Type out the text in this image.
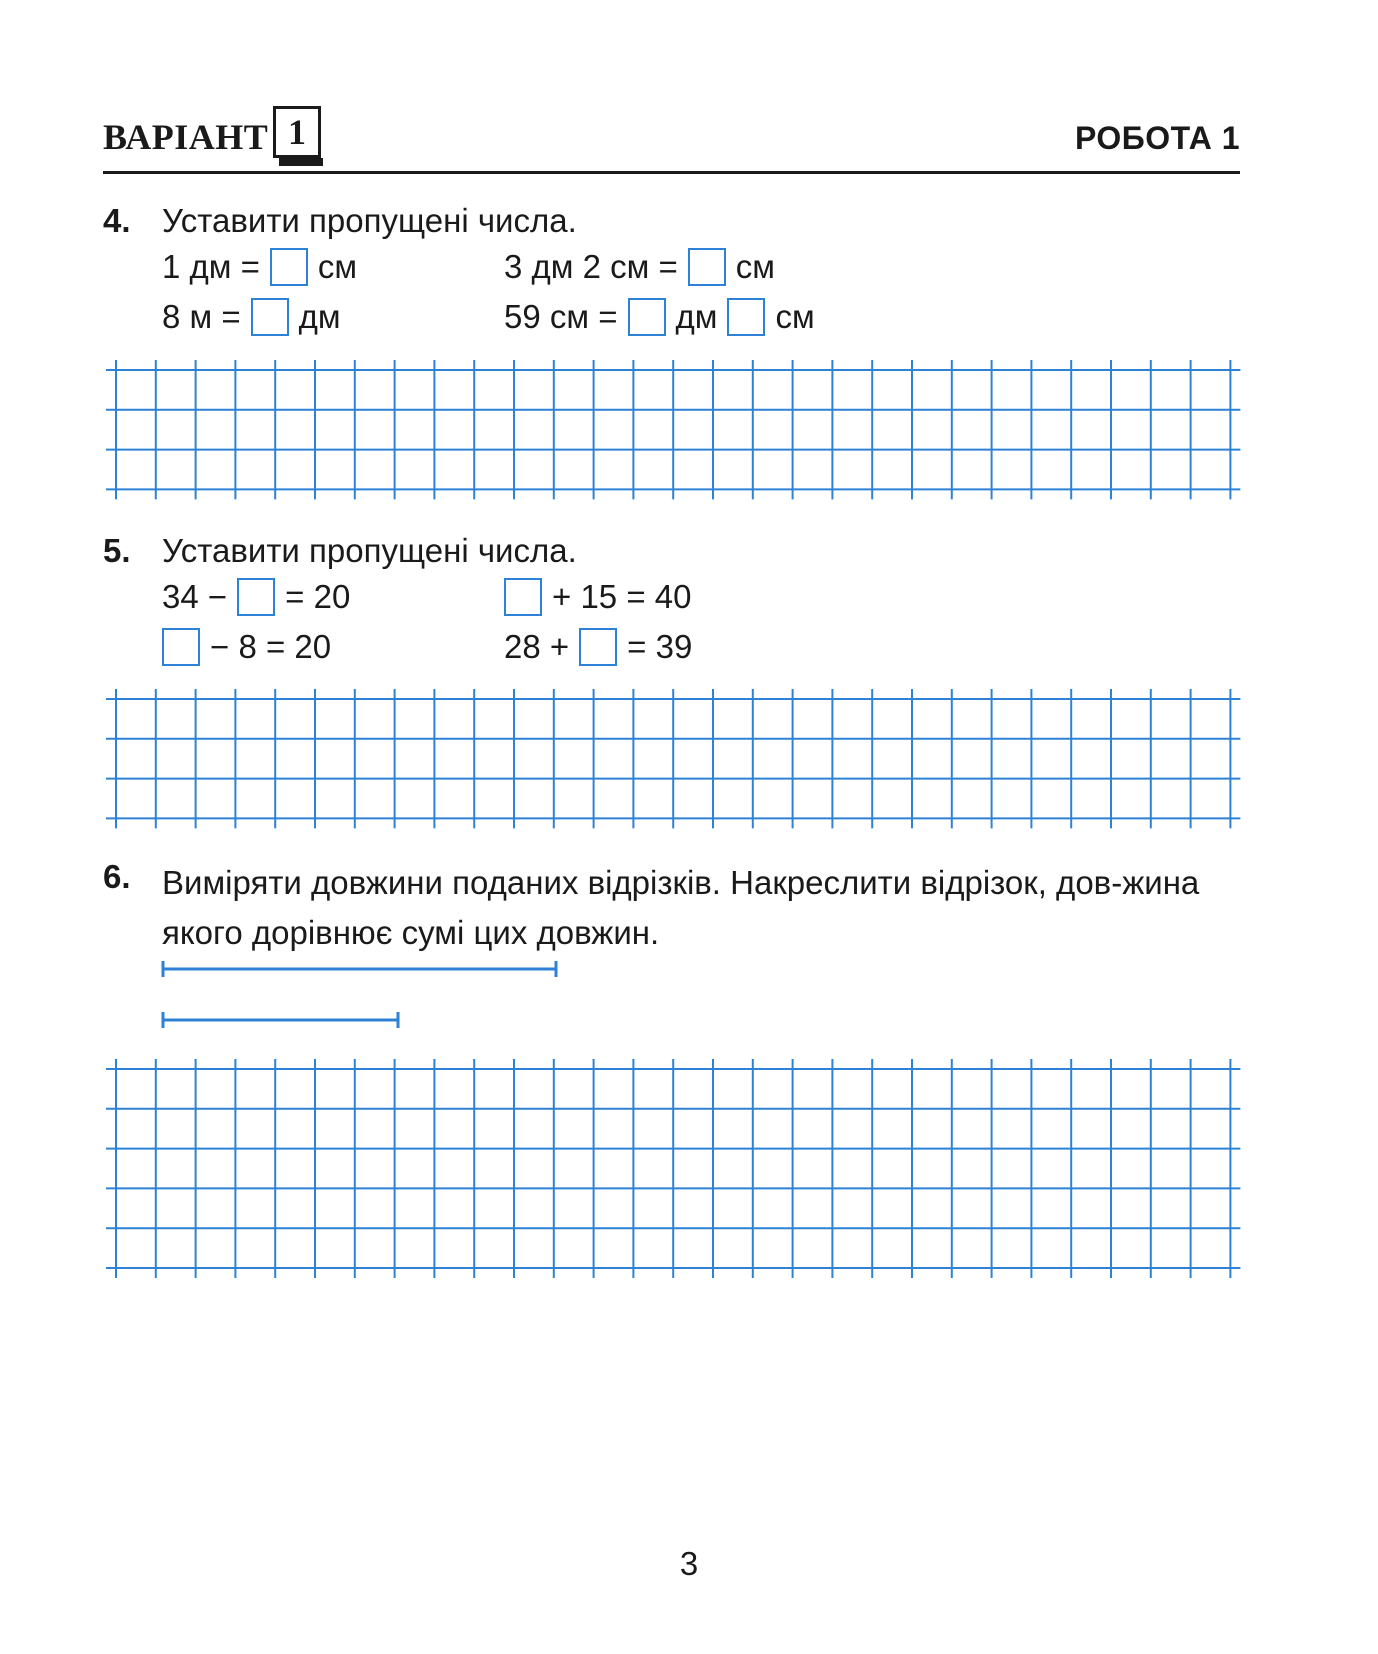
ВАРІАНТ 1	РОБОТА 1
4. Уставити пропущені числа.
1 дм = см	3 дм 2 см = см
8 м = дм	59 см = дм см
5. Уставити пропущені числа.
34 − = 20	+ 15 = 40
− 8 = 20	28 + = 39
6. Виміряти довжини поданих відрізків. Накреслити відрізок, дов-жина якого дорівнює сумі цих довжин.
3
